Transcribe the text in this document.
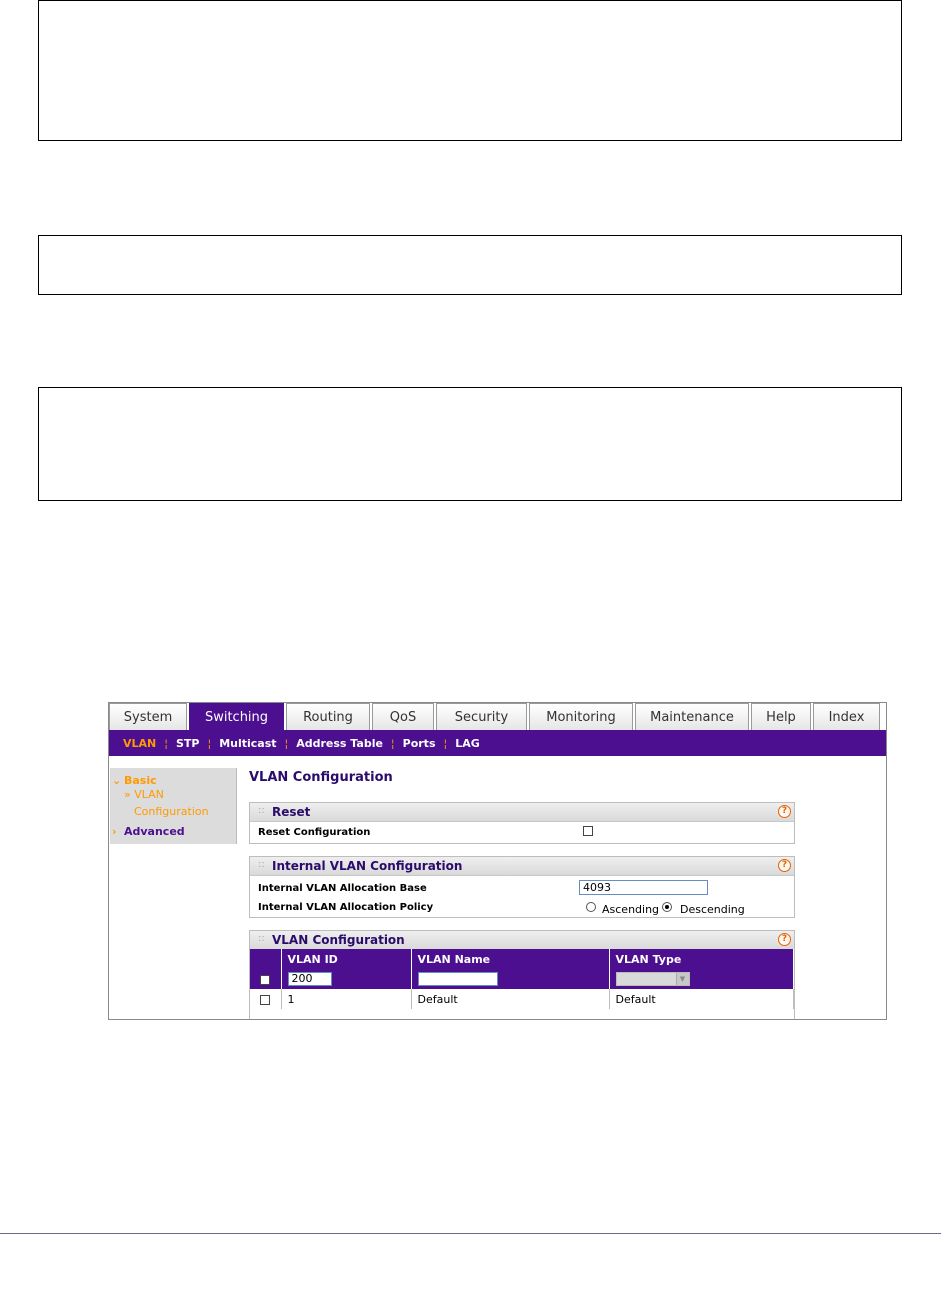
System	Switching	Routing	QoS	Security	Monitoring	Maintenance	Help	Index
VLAN ¦ STP ¦ Multicast ¦ Address Table ¦ Ports ¦ LAG
⌄ Basic
» VLAN
Configuration
› Advanced
VLAN Configuration
:: Reset	?
Reset Configuration
:: Internal VLAN Configuration	?
Internal VLAN Allocation Base	4093
Internal VLAN Allocation Policy	Ascending Descending
:: VLAN Configuration	?
	VLAN ID	VLAN Name	VLAN Type
	200		▼

	1	Default	Default
